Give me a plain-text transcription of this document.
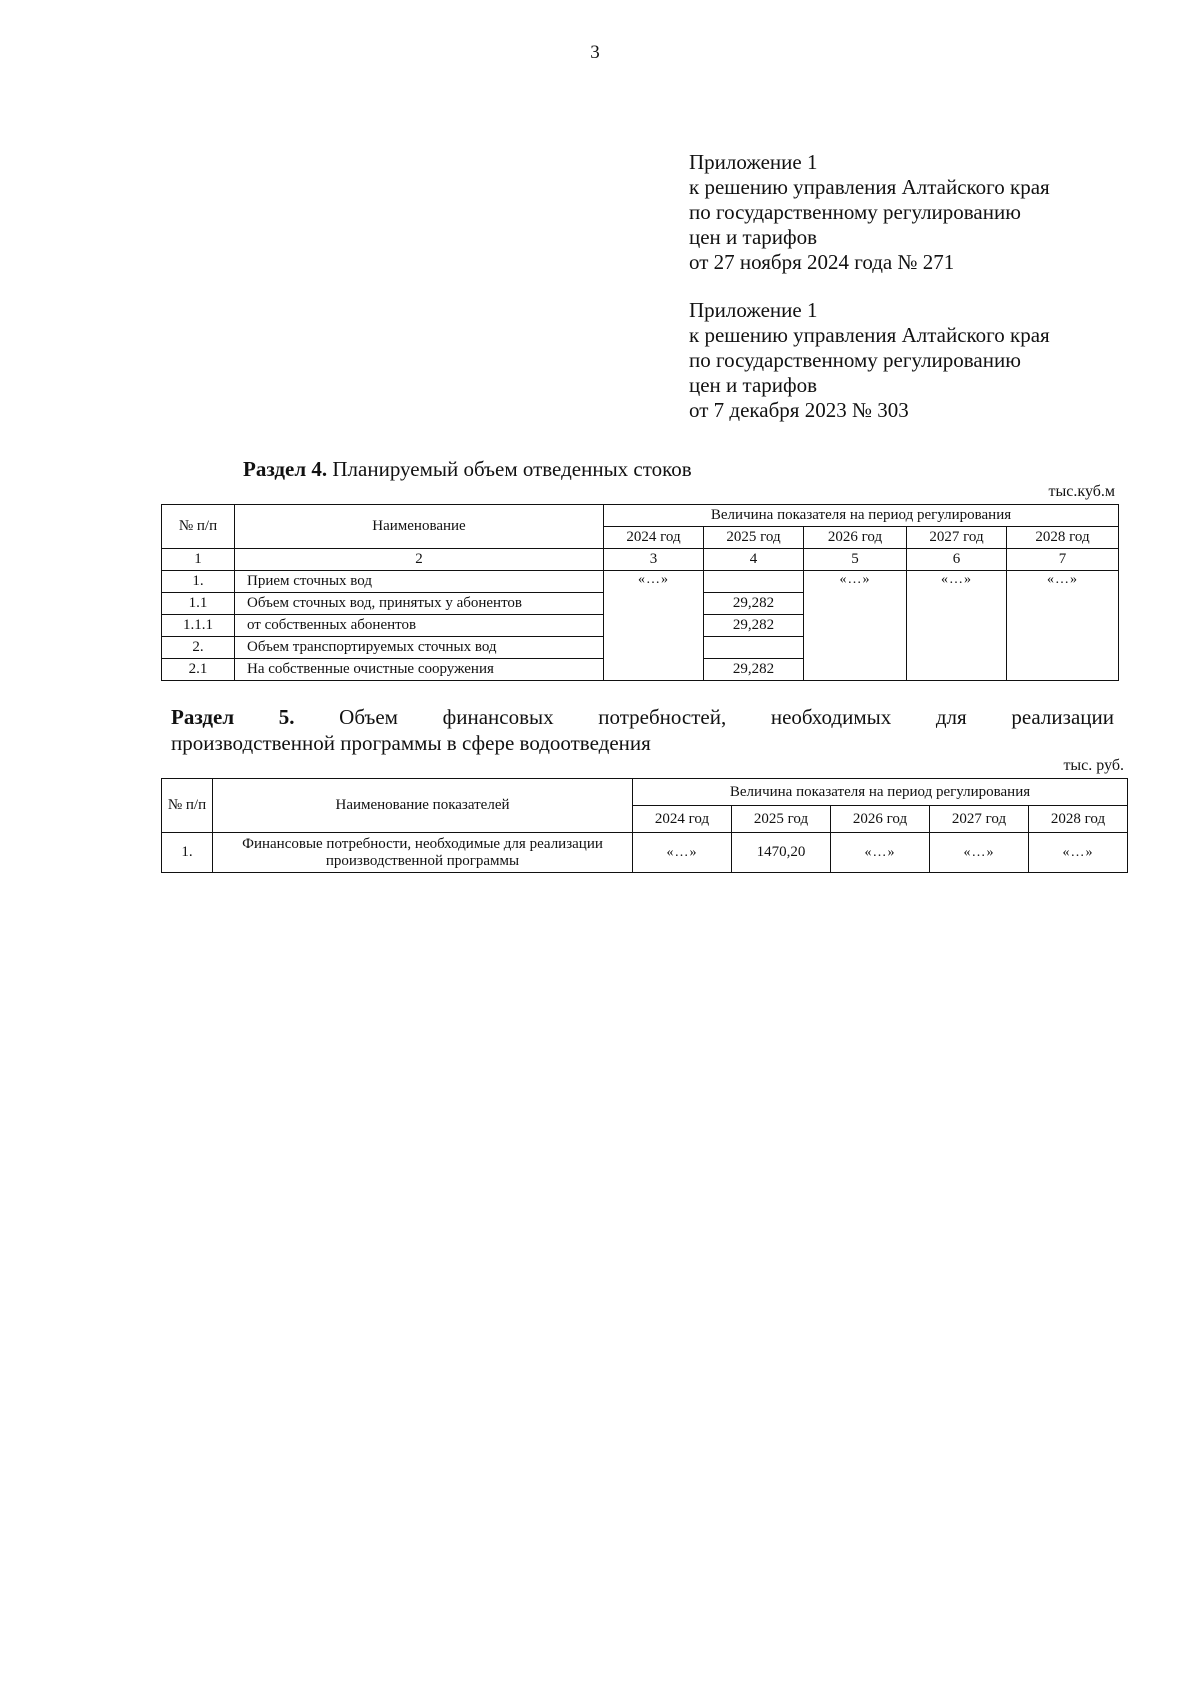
3
Приложение 1
к решению управления Алтайского края
по государственному регулированию
цен и тарифов
от 27 ноября 2024 года № 271
Приложение 1
к решению управления Алтайского края
по государственному регулированию
цен и тарифов
от 7 декабря 2023 № 303
Раздел 4. Планируемый объем отведенных стоков
тыс.куб.м
№ п/п	Наименование	Величина показателя на период регулирования				
		2024 год	2025 год	2026 год	2027 год	2028 год
1	2	3	4	5	6	7
1.	Прием сточных вод	«…»		«…»	«…»	«…»
1.1	Объем сточных вод, принятых у абонентов		29,282			
1.1.1	от собственных абонентов		29,282			
2.	Объем транспортируемых сточных вод					
2.1	На собственные очистные сооружения		29,282			
Раздел 5. Объем финансовых потребностей, необходимых для реализации
производственной программы в сфере водоотведения
тыс. руб.
№ п/п	Наименование показателей	Величина показателя на период регулирования				
		2024 год	2025 год	2026 год	2027 год	2028 год
1.	Финансовые потребности, необходимые для реализации производственной программы	«…»	1470,20	«…»	«…»	«…»
